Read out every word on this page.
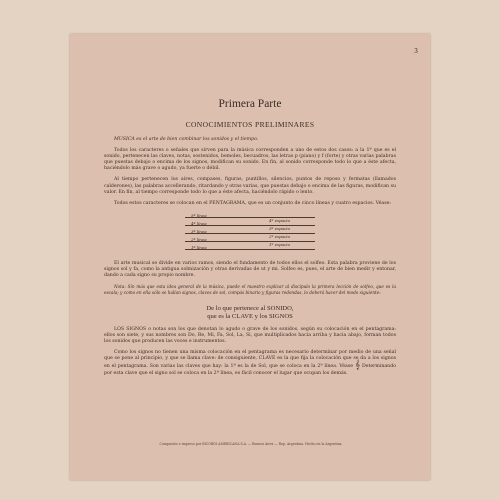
3
Primera Parte
CONOCIMIENTOS PRELIMINARES

MUSICA es el arte de bien combinar los sonidos y el tiempo.

Todos los caracteres o señales que sirven para la música corresponden a uno de estos dos casos: a la 1ª que es el sonido, pertenecen las claves, notas, sostenidos, bemoles, becuadros, las letras p (piano) y f (forte) y otras varias palabras que puestas debajo o encima de los signos, modifican su sonido. En fin, al sonido corresponde todo lo que a éste afecta, haciéndolo más grave o agudo, ya fuerte o débil.

Al tiempo pertenecen los aires, compases, figuras, puntillos, silencios, puntos de reposo y fermatas (llamados calderones), las palabras accellerando, ritardando y otras varias, que puestas debajo o encima de las figuras, modifican su valor. En fin, al tiempo corresponde todo lo que a éste afecta, haciéndolo rápido o lento.

Todos estos caracteres se colocan en el PENTAGRAMA, que es un conjunto de cinco líneas y cuatro espacios. Véase:

5ª línea
4ª línea
3ª línea
2ª línea
1ª línea
4º espacio
3º espacio
2º espacio
1º espacio

El arte musical se divide en varios ramos, siendo el fundamento de todos ellos el solfeo. Esta palabra proviene de los signos sol y fa, como la antigua solmización y otras derivadas de ut y mi. Solfeo es, pues, el arte de bien medir y entonar, dando a cada signo su propio nombre.

Nota: Sin más que esta idea general de la música, puede el maestro explicar al discípulo la primera lección de solfeo, que es la escala; y como en ella sólo se hallan signos, claves de sol, compás binario y figuras redondas, lo deberá hacer del modo siguiente:

De lo que pertenece al SONIDO,
que es la CLAVE y los SIGNOS

LOS SIGNOS o notas son los que denotan lo agudo o grave de los sonidos, según su colocación en el pentagrama: ellos son siete, y sus nombres son Do, Re, Mi, Fa, Sol, La, Si, que multiplicados hacia arriba y hacia abajo, forman todos los sonidos que producen las voces e instrumentos.

Como los signos no tienen una misma colocación en el pentagrama es necesario determinar por medio de una señal que se pone al principio, y que se llama clave: de consiguiente, CLAVE es la que fija la colocación que se da a los signos en el pentagrama. Son varias las claves que hay: la 1ª es la de Sol, que se coloca en la 2ª línea. Véase 𝄞 Determinando por esta clave que el signo sol se coloca en la 2ª línea, es fácil conocer el lugar que ocupan los demás.

Compuesto e impreso por RICORDI AMERICANA S.A. — Buenos Aires — Rep. Argentina. Hecho en la Argentina.
